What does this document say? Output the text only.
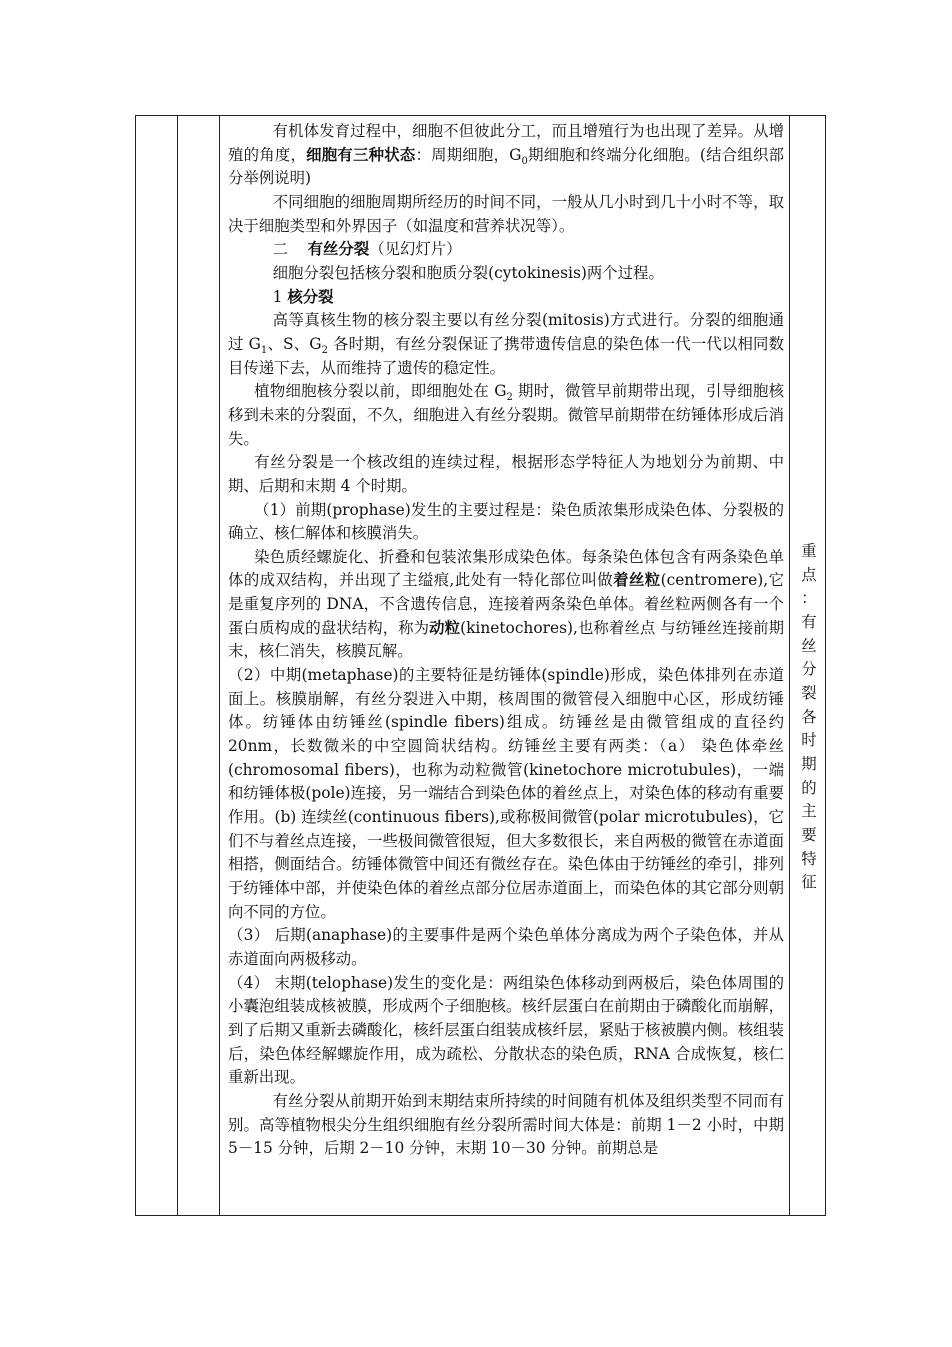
有机体发育过程中，细胞不但彼此分工，而且增殖行为也出现了差异。从增殖的角度，细胞有三种状态：周期细胞，$G_0$期细胞和终端分化细胞。(结合组织部分举例说明)

不同细胞的细胞周期所经历的时间不同，一般从几小时到几十小时不等，取决于细胞类型和外界因子（如温度和营养状况等）。

二 有丝分裂（见幻灯片）

细胞分裂包括核分裂和胞质分裂(cytokinesis)两个过程。

1 核分裂

高等真核生物的核分裂主要以有丝分裂(mitosis)方式进行。分裂的细胞通过 $G_1$、S、$G_2$ 各时期，有丝分裂保证了携带遗传信息的染色体一代一代以相同数目传递下去，从而维持了遗传的稳定性。

植物细胞核分裂以前，即细胞处在 $G_2$ 期时，微管早前期带出现，引导细胞核移到未来的分裂面，不久，细胞进入有丝分裂期。微管早前期带在纺锤体形成后消失。

有丝分裂是一个核改组的连续过程，根据形态学特征人为地划分为前期、中期、后期和末期 4 个时期。

（1）前期(prophase)发生的主要过程是：染色质浓集形成染色体、分裂极的确立、核仁解体和核膜消失。

染色质经螺旋化、折叠和包装浓集形成染色体。每条染色体包含有两条染色单体的成双结构，并出现了主缢痕,此处有一特化部位叫做着丝粒(centromere),它是重复序列的 DNA，不含遗传信息，连接着两条染色单体。着丝粒两侧各有一个蛋白质构成的盘状结构，称为动粒(kinetochores),也称着丝点 与纺锤丝连接前期末，核仁消失，核膜瓦解。

（2）中期(metaphase)的主要特征是纺锤体(spindle)形成，染色体排列在赤道面上。核膜崩解，有丝分裂进入中期，核周围的微管侵入细胞中心区，形成纺锤体。纺锤体由纺锤丝(spindle fibers)组成。纺锤丝是由微管组成的直径约 20nm，长数微米的中空圆筒状结构。纺锤丝主要有两类：（a） 染色体牵丝(chromosomal fibers)，也称为动粒微管(kinetochore microtubules)，一端和纺锤体极(pole)连接，另一端结合到染色体的着丝点上，对染色体的移动有重要作用。(b) 连续丝(continuous fibers),或称极间微管(polar microtubules)，它们不与着丝点连接，一些极间微管很短，但大多数很长，来自两极的微管在赤道面相搭，侧面结合。纺锤体微管中间还有微丝存在。染色体由于纺锤丝的牵引，排列于纺锤体中部，并使染色体的着丝点部分位居赤道面上，而染色体的其它部分则朝向不同的方位。

（3） 后期(anaphase)的主要事件是两个染色单体分离成为两个子染色体，并从赤道面向两极移动。

（4） 末期(telophase)发生的变化是：两组染色体移动到两极后，染色体周围的小囊泡组装成核被膜，形成两个子细胞核。核纤层蛋白在前期由于磷酸化而崩解，到了后期又重新去磷酸化，核纤层蛋白组装成核纤层，紧贴于核被膜内侧。核组装后，染色体经解螺旋作用，成为疏松、分散状态的染色质，RNA 合成恢复，核仁重新出现。

有丝分裂从前期开始到末期结束所持续的时间随有机体及组织类型不同而有别。高等植物根尖分生组织细胞有丝分裂所需时间大体是：前期 1－2 小时，中期 5－15 分钟，后期 2－10 分钟，末期 10－30 分钟。前期总是

重
点
：
有
丝
分
裂
各
时
期
的
主
要
特
征
